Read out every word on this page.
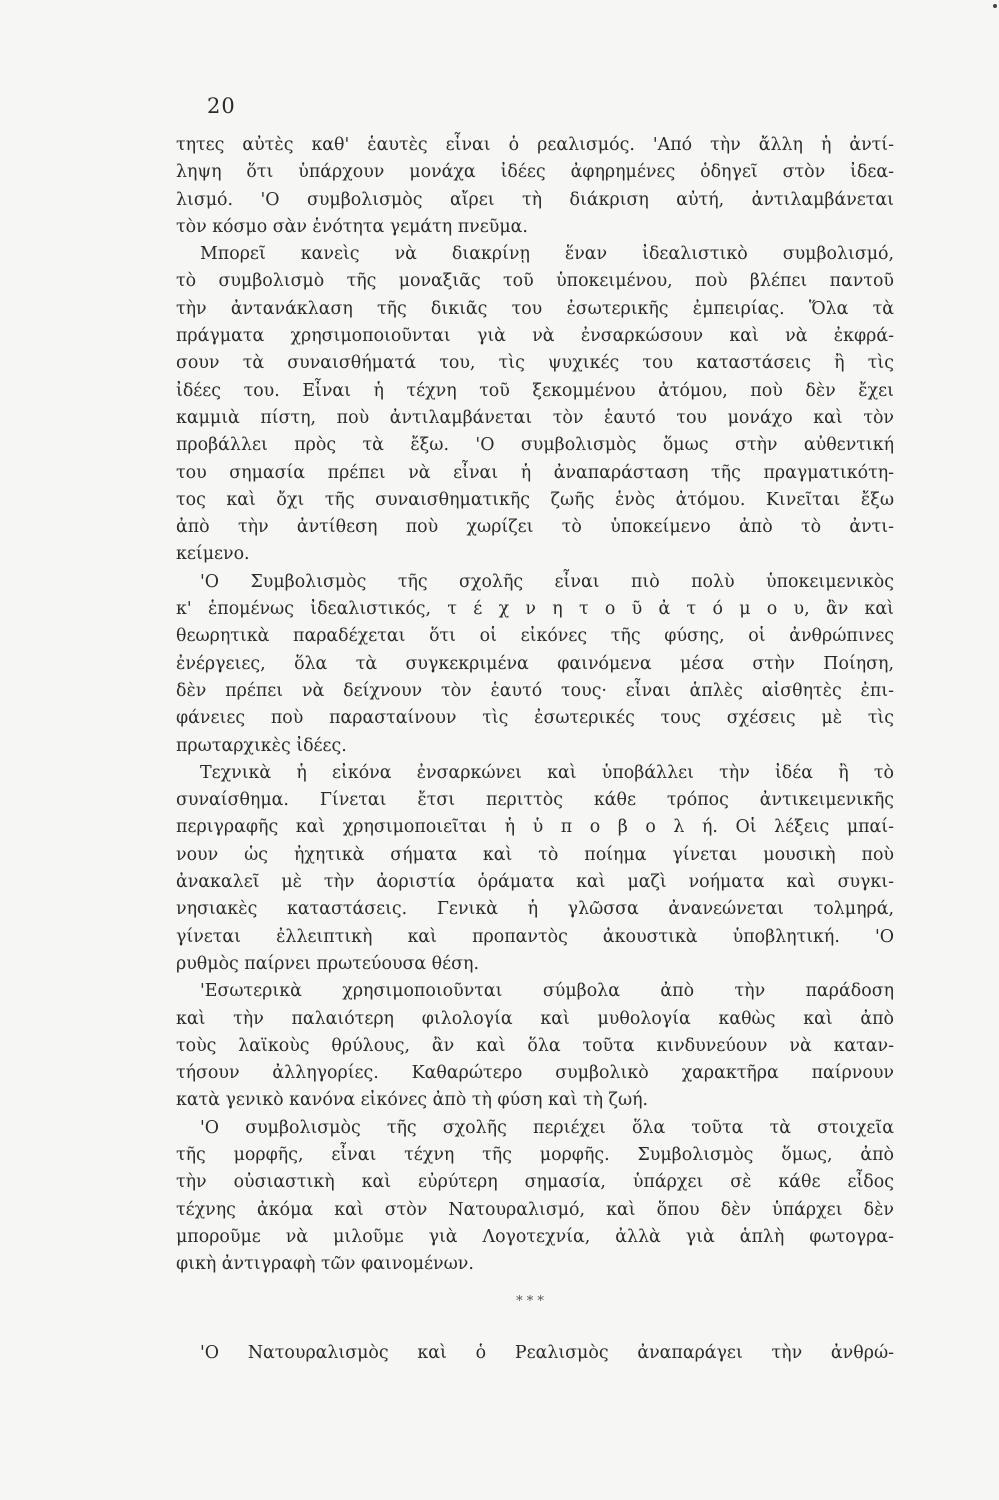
20
τητες αὐτὲς καθ' ἑαυτὲς εἶναι ὁ ρεαλισμός. 'Από τὴν ἄλλη ἡ ἀντί-
ληψη ὅτι ὑπάρχουν μονάχα ἰδέες ἀφηρημένες ὁδηγεῖ στὸν ἰδεα-
λισμό. 'Ο συμβολισμὸς αἴρει τὴ διάκριση αὐτή, ἀντιλαμβάνεται
τὸν κόσμο σὰν ἑνότητα γεμάτη πνεῦμα.
Μπορεῖ κανεὶς νὰ διακρίνῃ ἕναν ἰδεαλιστικὸ συμβολισμό,
τὸ συμβολισμὸ τῆς μοναξιᾶς τοῦ ὑποκειμένου, ποὺ βλέπει παντοῦ
τὴν ἀντανάκλαση τῆς δικιᾶς του ἐσωτερικῆς ἐμπειρίας. Ὅλα τὰ
πράγματα χρησιμοποιοῦνται γιὰ νὰ ἐνσαρκώσουν καὶ νὰ ἐκφρά-
σουν τὰ συναισθήματά του, τὶς ψυχικές του καταστάσεις ἢ τὶς
ἰδέες του. Εἶναι ἡ τέχνη τοῦ ξεκομμένου ἀτόμου, ποὺ δὲν ἔχει
καμμιὰ πίστη, ποὺ ἀντιλαμβάνεται τὸν ἑαυτό του μονάχο καὶ τὸν
προβάλλει πρὸς τὰ ἔξω. 'Ο συμβολισμὸς ὅμως στὴν αὐθεντική
του σημασία πρέπει νὰ εἶναι ἡ ἀναπαράσταση τῆς πραγματικότη-
τος καὶ ὄχι τῆς συναισθηματικῆς ζωῆς ἑνὸς ἀτόμου. Κινεῖται ἔξω
ἀπὸ τὴν ἀντίθεση ποὺ χωρίζει τὸ ὑποκείμενο ἀπὸ τὸ ἀντι-
κείμενο.
'Ο Συμβολισμὸς τῆς σχολῆς εἶναι πιὸ πολὺ ὑποκειμενικὸς
κ' ἑπομένως ἰδεαλιστικός, τ έ χ ν η τ ο ῦ ἀ τ ό μ ο υ, ἂν καὶ
θεωρητικὰ παραδέχεται ὅτι οἱ εἰκόνες τῆς φύσης, οἱ ἀνθρώπινες
ἐνέργειες, ὅλα τὰ συγκεκριμένα φαινόμενα μέσα στὴν Ποίηση,
δὲν πρέπει νὰ δείχνουν τὸν ἑαυτό τους· εἶναι ἁπλὲς αἰσθητὲς ἐπι-
φάνειες ποὺ παρασταίνουν τὶς ἐσωτερικές τους σχέσεις μὲ τὶς
πρωταρχικὲς ἰδέες.
Τεχνικὰ ἡ εἰκόνα ἐνσαρκώνει καὶ ὑποβάλλει τὴν ἰδέα ἢ τὸ
συναίσθημα. Γίνεται ἔτσι περιττὸς κάθε τρόπος ἀντικειμενικῆς
περιγραφῆς καὶ χρησιμοποιεῖται ἡ ὑ π ο β ο λ ή. Οἱ λέξεις μπαί-
νουν ὡς ἠχητικὰ σήματα καὶ τὸ ποίημα γίνεται μουσικὴ ποὺ
ἀνακαλεῖ μὲ τὴν ἀοριστία ὁράματα καὶ μαζὶ νοήματα καὶ συγκι-
νησιακὲς καταστάσεις. Γενικὰ ἡ γλῶσσα ἀνανεώνεται τολμηρά,
γίνεται ἐλλειπτικὴ καὶ προπαντὸς ἀκουστικὰ ὑποβλητική. 'Ο
ρυθμὸς παίρνει πρωτεύουσα θέση.
'Εσωτερικὰ χρησιμοποιοῦνται σύμβολα ἀπὸ τὴν παράδοση
καὶ τὴν παλαιότερη φιλολογία καὶ μυθολογία καθὼς καὶ ἀπὸ
τοὺς λαϊκοὺς θρύλους, ἂν καὶ ὅλα τοῦτα κινδυνεύουν νὰ καταν-
τήσουν ἀλληγορίες. Καθαρώτερο συμβολικὸ χαρακτῆρα παίρνουν
κατὰ γενικὸ κανόνα εἰκόνες ἀπὸ τὴ φύση καὶ τὴ ζωή.
'Ο συμβολισμὸς τῆς σχολῆς περιέχει ὅλα τοῦτα τὰ στοιχεῖα
τῆς μορφῆς, εἶναι τέχνη τῆς μορφῆς. Συμβολισμὸς ὅμως, ἀπὸ
τὴν οὐσιαστικὴ καὶ εὐρύτερη σημασία, ὑπάρχει σὲ κάθε εἶδος
τέχνης ἀκόμα καὶ στὸν Νατουραλισμό, καὶ ὅπου δὲν ὑπάρχει δὲν
μποροῦμε νὰ μιλοῦμε γιὰ Λογοτεχνία, ἀλλὰ γιὰ ἁπλὴ φωτογρα-
φικὴ ἀντιγραφὴ τῶν φαινομένων.
* * *
'Ο Νατουραλισμὸς καὶ ὁ Ρεαλισμὸς ἀναπαράγει τὴν ἀνθρώ-
